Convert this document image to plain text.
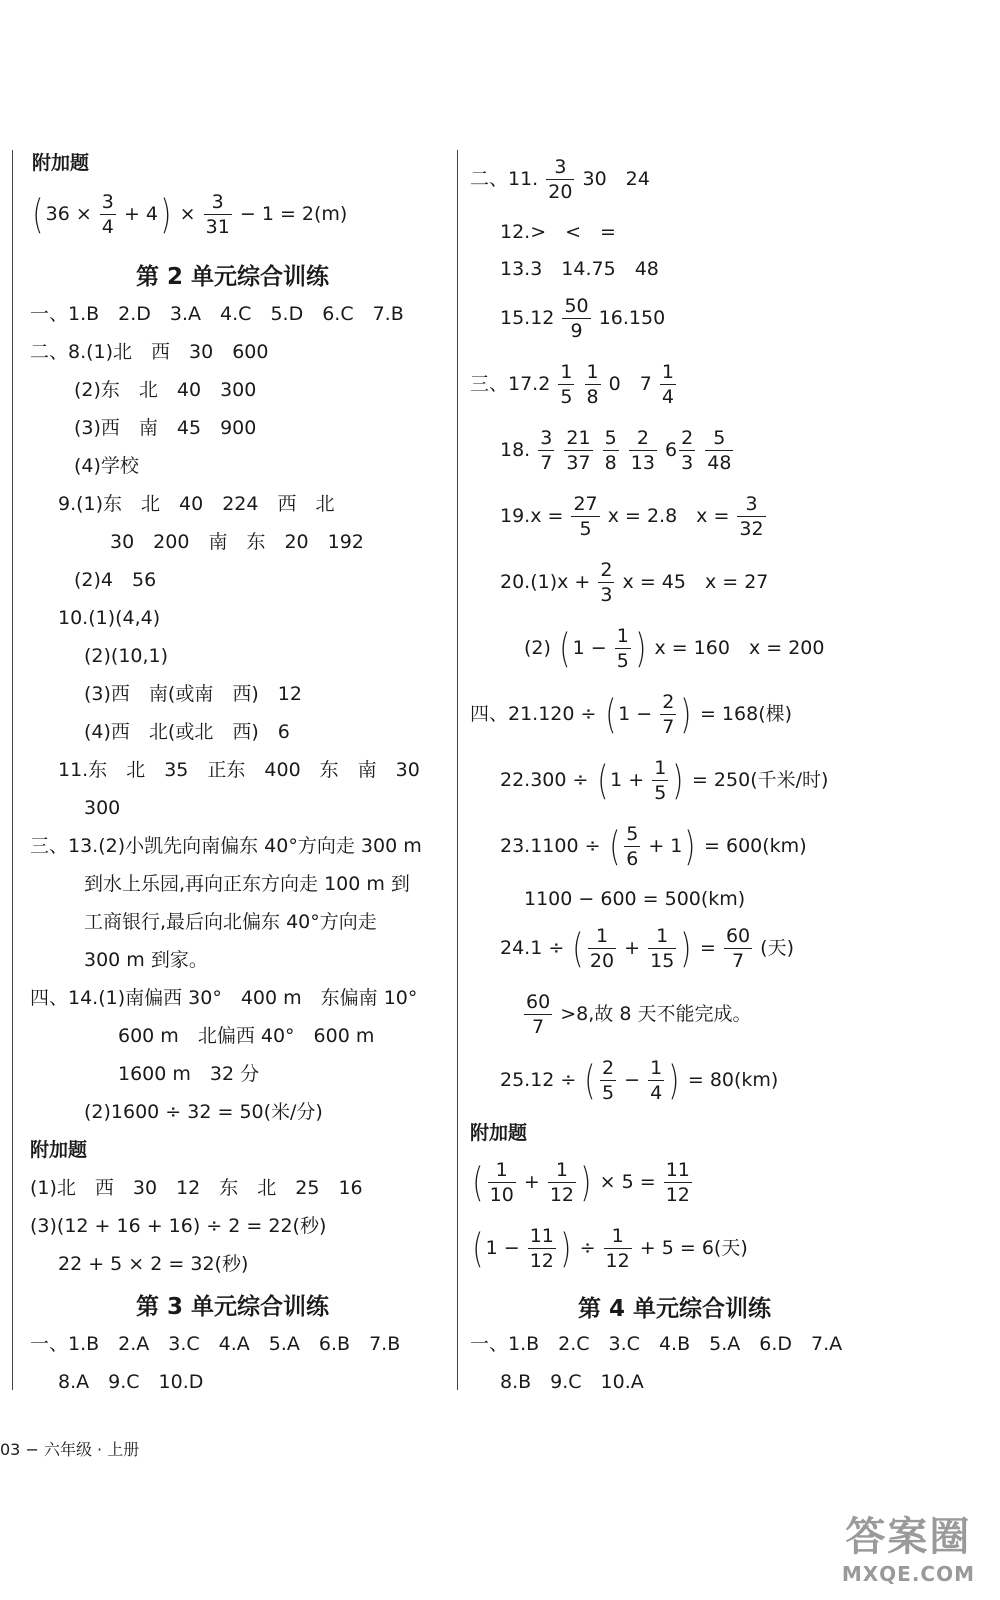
附加题
( $36 \times \frac{3}{4} + 4) \times \frac{3}{31} - 1 = 2(m)$
第 2 单元综合训练
一、1.B　2.D　3.A　4.C　5.D　6.C　7.B
二、8.(1)北　西　30　600
(2)东　北　40　300
(3)西　南　45　900
(4)学校
9.(1)东　北　40　224　西　北
30　200　南　东　20　192
(2)4　56
10.(1)(4,4)
(2)(10,1)
(3)西　南(或南　西)　12
(4)西　北(或北　西)　6
11.东　北　35　正东　400　东　南　30
300
三、13.(2)小凯先向南偏东 40°方向走 300 m
到水上乐园,再向正东方向走 100 m 到
工商银行,最后向北偏东 40°方向走
300 m 到家。
四、14.(1)南偏西 30°　400 m　东偏南 10°
600 m　北偏西 40°　600 m
1600 m　32 分
(2)1600 ÷ 32 = 50(米/分)
附加题
(1)北　西　30　12　东　北　25　16
(3)(12 + 16 + 16) ÷ 2 = 22(秒)
22 + 5 × 2 = 32(秒)
第 3 单元综合训练
一、1.B　2.A　3.C　4.A　5.A　6.B　7.B
8.A　9.C　10.D
二、11. $\frac{3}{20} 30$　24
12.>　<　=
13.3　14.75　48
$15.12 \frac{50}{9} 16.150$
三、$17.2 \frac{1}{5}$
$\frac{1}{8} 0$　$7 \frac{1}{4}$
18. $\frac{3}{7}$
$\frac{21}{37}$
$\frac{5}{8}$
$\frac{2}{13} 6 \frac{2}{3}$
$\frac{5}{48}$
$19.x = \frac{27}{5}$ x = 2.8　$x = \frac{3}{32}$
$20.(1)x + \frac{2}{3}$ x = 45　x = 27
(2) ( $1 - \frac{1}{5}$ ) x = 160　x = 200
四、21.120 ÷ ( $1 - \frac{2}{7}$ ) = 168(棵)
22.300 ÷ ( $1 + \frac{1}{5}$ ) = 250(千米/时)
23.1100 ÷ ( $\frac{5}{6} + 1) = 600(km)$
1100 − 600 = 500(km)
24.1 ÷ ( $\frac{1}{20} + \frac{1}{15}$ ) = $\frac{60}{7}$ (天)
$\frac{60}{7} >8$,故 8 天不能完成。
25.12 ÷ ( $\frac{2}{5} - \frac{1}{4}$ ) = 80(km)
附加题
( $\frac{1}{10} + \frac{1}{12}$ ) × $5 = \frac{11}{12}$
( $1 - \frac{11}{12}$ ) ÷ $\frac{1}{12} + 5 = 6$(天)
第 4 单元综合训练
一、1.B　2.C　3.C　4.B　5.A　6.D　7.A
8.B　9.C　10.A
03 − 六年级 · 上册
答案圈
MXQE.COM
